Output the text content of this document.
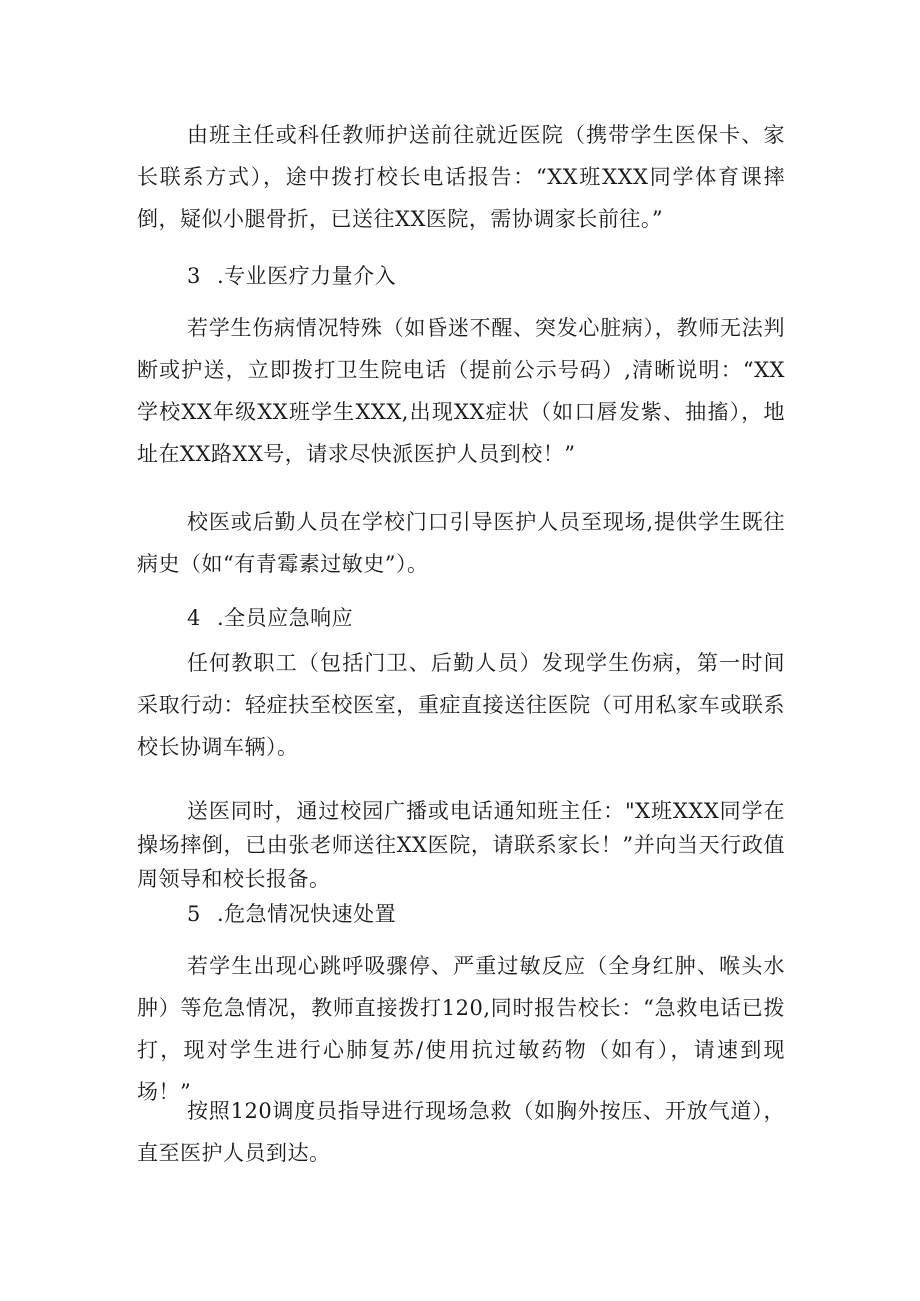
由班主任或科任教师护送前往就近医院（携带学生医保卡、家长联系方式），途中拨打校长电话报告：“XX班XXX同学体育课摔倒，疑似小腿骨折，已送往XX医院，需协调家长前往。”

3 .专业医疗力量介入

若学生伤病情况特殊（如昏迷不醒、突发心脏病），教师无法判断或护送，立即拨打卫生院电话（提前公示号码）,清晰说明：“XX学校XX年级XX班学生XXX,出现XX症状（如口唇发紫、抽搐），地址在XX路XX号，请求尽快派医护人员到校！”

校医或后勤人员在学校门口引导医护人员至现场,提供学生既往病史（如“有青霉素过敏史”）。

4 .全员应急响应

任何教职工（包括门卫、后勤人员）发现学生伤病，第一时间采取行动：轻症扶至校医室，重症直接送往医院（可用私家车或联系校长协调车辆）。

送医同时，通过校园广播或电话通知班主任："X班XXX同学在操场摔倒，已由张老师送往XX医院，请联系家长！”并向当天行政值周领导和校长报备。

5 .危急情况快速处置

若学生出现心跳呼吸骤停、严重过敏反应（全身红肿、喉头水肿）等危急情况，教师直接拨打120,同时报告校长：“急救电话已拨打，现对学生进行心肺复苏/使用抗过敏药物（如有），请速到现场！”

按照120调度员指导进行现场急救（如胸外按压、开放气道），直至医护人员到达。
